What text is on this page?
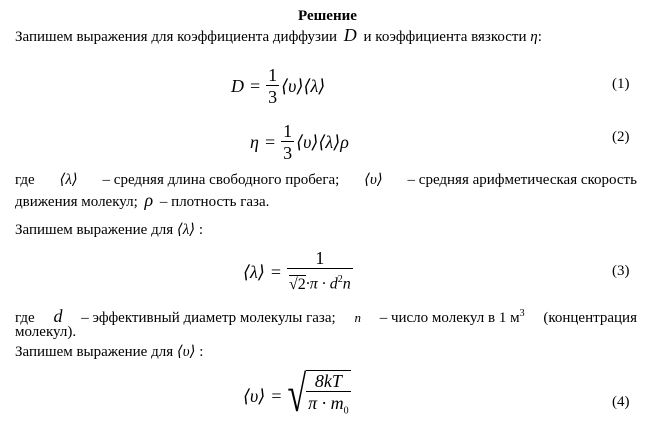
Решение
Запишем выражения для коэффициента диффузии D и коэффициента вязкости η:
$D = \frac{1}{3}$ ⟨υ⟩⟨λ⟩	(1)
$\eta = \frac{1}{3}$ ⟨υ⟩⟨λ⟩ ρ	(2)
где ⟨λ⟩ – средняя длина свободного пробега; ⟨υ⟩ – средняя арифметическая скорость
движения молекул; ρ – плотность газа.
Запишем выражение для ⟨λ⟩ :
⟨λ⟩ = $\frac{1}{√2\cdot\pi \cdot d^2n}$	(3)
где d – эффективный диаметр молекулы газа; n – число молекул в 1 $м^3$ (концентрация
молекул).
Запишем выражение для ⟨υ⟩ :
⟨υ⟩ = √ $\frac{8kT}{\pi \cdot m_0}$	(4)
